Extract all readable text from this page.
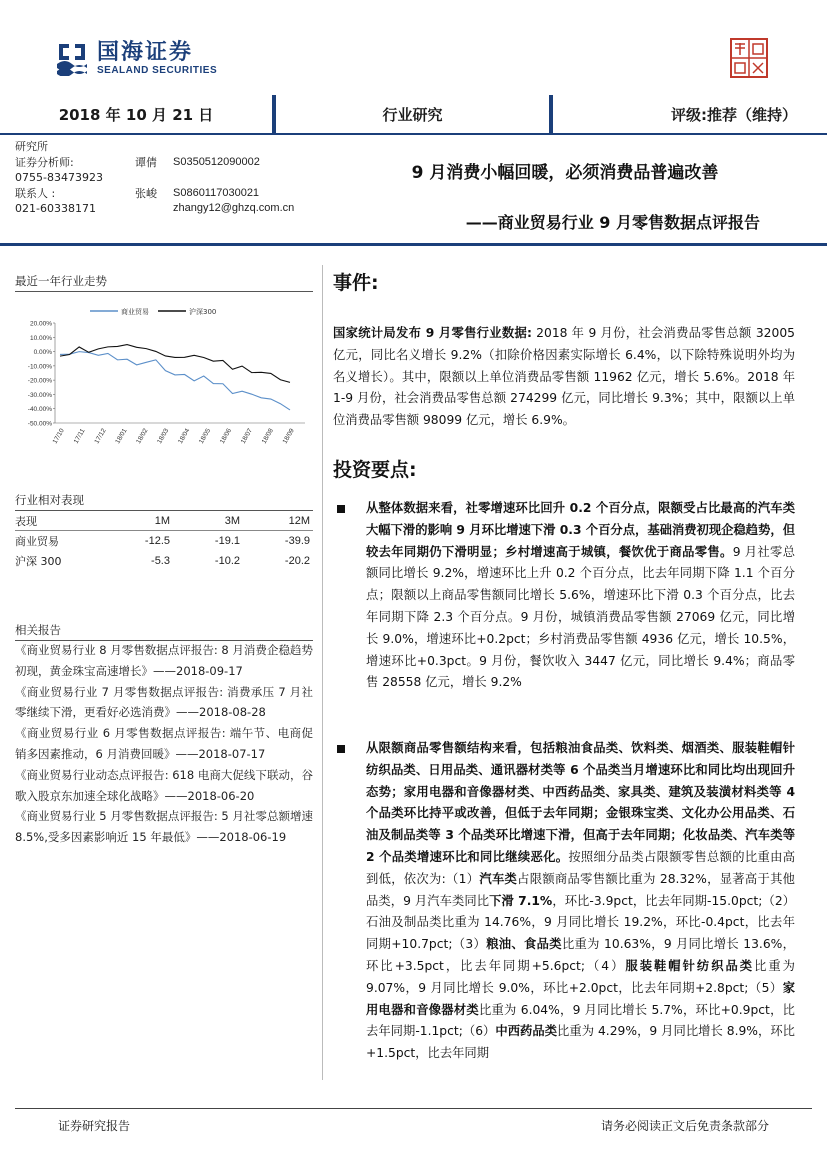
国海证券
SEALAND SECURITIES
2018 年 10 月 21 日	行业研究	评级:推荐（维持）
研究所
证券分析师:	谭倩 S0350512090002
0755-83473923
联系人 :	张峻 S0860117030021
021-60338171	zhangy12@ghzq.com.cn
9 月消费小幅回暖，必须消费品普遍改善
——商业贸易行业 9 月零售数据点评报告
最近一年行业走势
20.00%
10.00%
0.00%
-10.00%
-20.00%
-30.00%
-40.00%
-50.00%
17/10 17/11 17/12 18/01 18/02 18/03 18/04 18/05 18/06 18/07 18/08 18/09
商业贸易	沪深300
行业相对表现
表现	1M	3M	12M
商业贸易	-12.5	-19.1	-39.9
沪深 300	-5.3	-10.2	-20.2
相关报告
《商业贸易行业 8 月零售数据点评报告: 8 月消费企稳趋势初现，黄金珠宝高速增长》——2018-09-17
《商业贸易行业 7 月零售数据点评报告: 消费承压 7 月社零继续下滑，更看好必选消费》——2018-08-28
《商业贸易行业 6 月零售数据点评报告: 端午节、电商促销多因素推动，6 月消费回暖》——2018-07-17
《商业贸易行业动态点评报告: 618 电商大促线下联动，谷歌入股京东加速全球化战略》——2018-06-20
《商业贸易行业 5 月零售数据点评报告: 5 月社零总额增速 8.5%,受多因素影响近 15 年最低》——2018-06-19
事件:
国家统计局发布 9 月零售行业数据: 2018 年 9 月份，社会消费品零售总额 32005 亿元，同比名义增长 9.2%（扣除价格因素实际增长 6.4%，以下除特殊说明外均为名义增长）。其中，限额以上单位消费品零售额 11962 亿元，增长 5.6%。2018 年 1-9 月份，社会消费品零售总额 274299 亿元，同比增长 9.3%；其中，限额以上单位消费品零售额 98099 亿元，增长 6.9%。
投资要点:
从整体数据来看，社零增速环比回升 0.2 个百分点，限额受占比最高的汽车类大幅下滑的影响 9 月环比增速下滑 0.3 个百分点，基础消费初现企稳趋势，但较去年同期仍下滑明显；乡村增速高于城镇，餐饮优于商品零售。9 月社零总额同比增长 9.2%，增速环比上升 0.2 个百分点，比去年同期下降 1.1 个百分点；限额以上商品零售额同比增长 5.6%，增速环比下滑 0.3 个百分点，比去年同期下降 2.3 个百分点。9 月份，城镇消费品零售额 27069 亿元，同比增长 9.0%，增速环比+0.2pct；乡村消费品零售额 4936 亿元，增长 10.5%，增速环比+0.3pct。9 月份，餐饮收入 3447 亿元，同比增长 9.4%；商品零售 28558 亿元，增长 9.2%
从限额商品零售额结构来看，包括粮油食品类、饮料类、烟酒类、服装鞋帽针纺织品类、日用品类、通讯器材类等 6 个品类当月增速环比和同比均出现回升态势；家用电器和音像器材类、中西药品类、家具类、建筑及装潢材料类等 4 个品类环比持平或改善，但低于去年同期；金银珠宝类、文化办公用品类、石油及制品类等 3 个品类环比增速下滑，但高于去年同期；化妆品类、汽车类等 2 个品类增速环比和同比继续恶化。按照细分品类占限额零售总额的比重由高到低，依次为:（1）汽车类占限额商品零售额比重为 28.32%，显著高于其他品类，9 月汽车类同比下滑 7.1%，环比-3.9pct，比去年同期-15.0pct;（2）石油及制品类比重为 14.76%，9 月同比增长 19.2%，环比-0.4pct，比去年同期+10.7pct;（3）粮油、食品类比重为 10.63%，9 月同比增长 13.6%，环比+3.5pct，比去年同期+5.6pct;（4）服装鞋帽针纺织品类比重为 9.07%，9 月同比增长 9.0%，环比+2.0pct，比去年同期+2.8pct;（5）家用电器和音像器材类比重为 6.04%，9 月同比增长 5.7%，环比+0.9pct，比去年同期-1.1pct;（6）中西药品类比重为 4.29%，9 月同比增长 8.9%，环比+1.5pct，比去年同期
证券研究报告	请务必阅读正文后免责条款部分
